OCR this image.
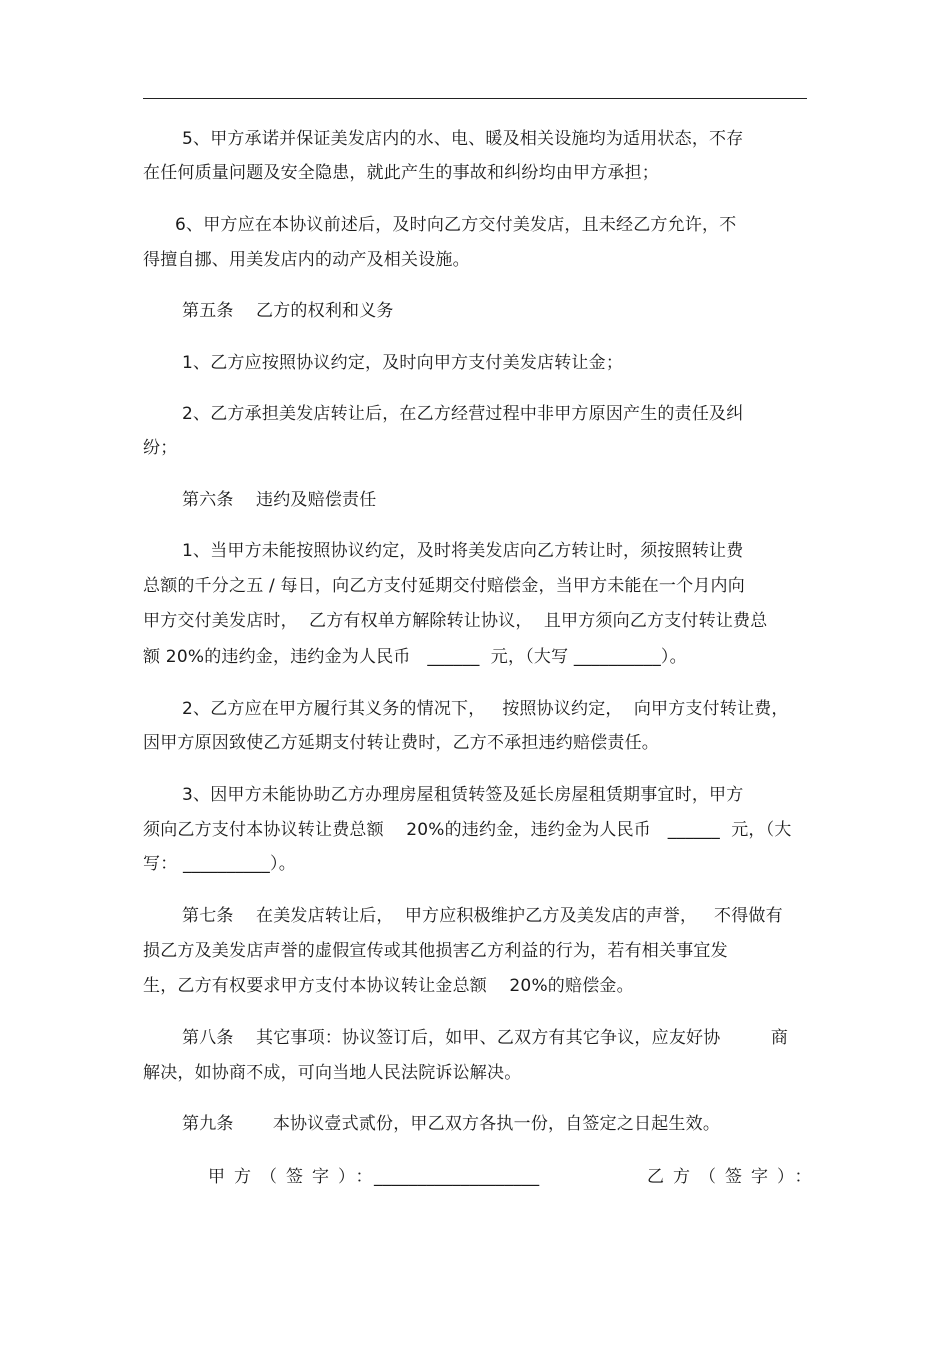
5、甲方承诺并保证美发店内的水、电、暖及相关设施均为适用状态，不存
在任何质量问题及安全隐患，就此产生的事故和纠纷均由甲方承担；
6、甲方应在本协议前述后，及时向乙方交付美发店，且未经乙方允许，不
得擅自挪、用美发店内的动产及相关设施。
第五条    乙方的权利和义务
1、乙方应按照协议约定，及时向甲方支付美发店转让金；
2、乙方承担美发店转让后，在乙方经营过程中非甲方原因产生的责任及纠
纷；
第六条    违约及赔偿责任
1、当甲方未能按照协议约定，及时将美发店向乙方转让时，须按照转让费
总额的千分之五 / 每日，向乙方支付延期交付赔偿金，当甲方未能在一个月内向
甲方交付美发店时，  乙方有权单方解除转让协议，  且甲方须向乙方支付转让费总
额 20%的违约金，违约金为人民币   ______  元，（大写 __________）。
2、乙方应在甲方履行其义务的情况下，   按照协议约定，  向甲方支付转让费，
因甲方原因致使乙方延期支付转让费时，乙方不承担违约赔偿责任。
3、因甲方未能协助乙方办理房屋租赁转签及延长房屋租赁期事宜时，甲方
须向乙方支付本协议转让费总额    20%的违约金，违约金为人民币   ______  元，（大
写： __________）。
第七条    在美发店转让后，  甲方应积极维护乙方及美发店的声誉，   不得做有
损乙方及美发店声誉的虚假宣传或其他损害乙方利益的行为，若有相关事宜发
生，乙方有权要求甲方支付本协议转让金总额    20%的赔偿金。
第八条    其它事项：协议签订后，如甲、乙双方有其它争议，应友好协         商
解决，如协商不成，可向当地人民法院诉讼解决。
第九条       本协议壹式贰份，甲乙双方各执一份，自签定之日起生效。
甲方（签字）：
___________________	乙方（签字）：
